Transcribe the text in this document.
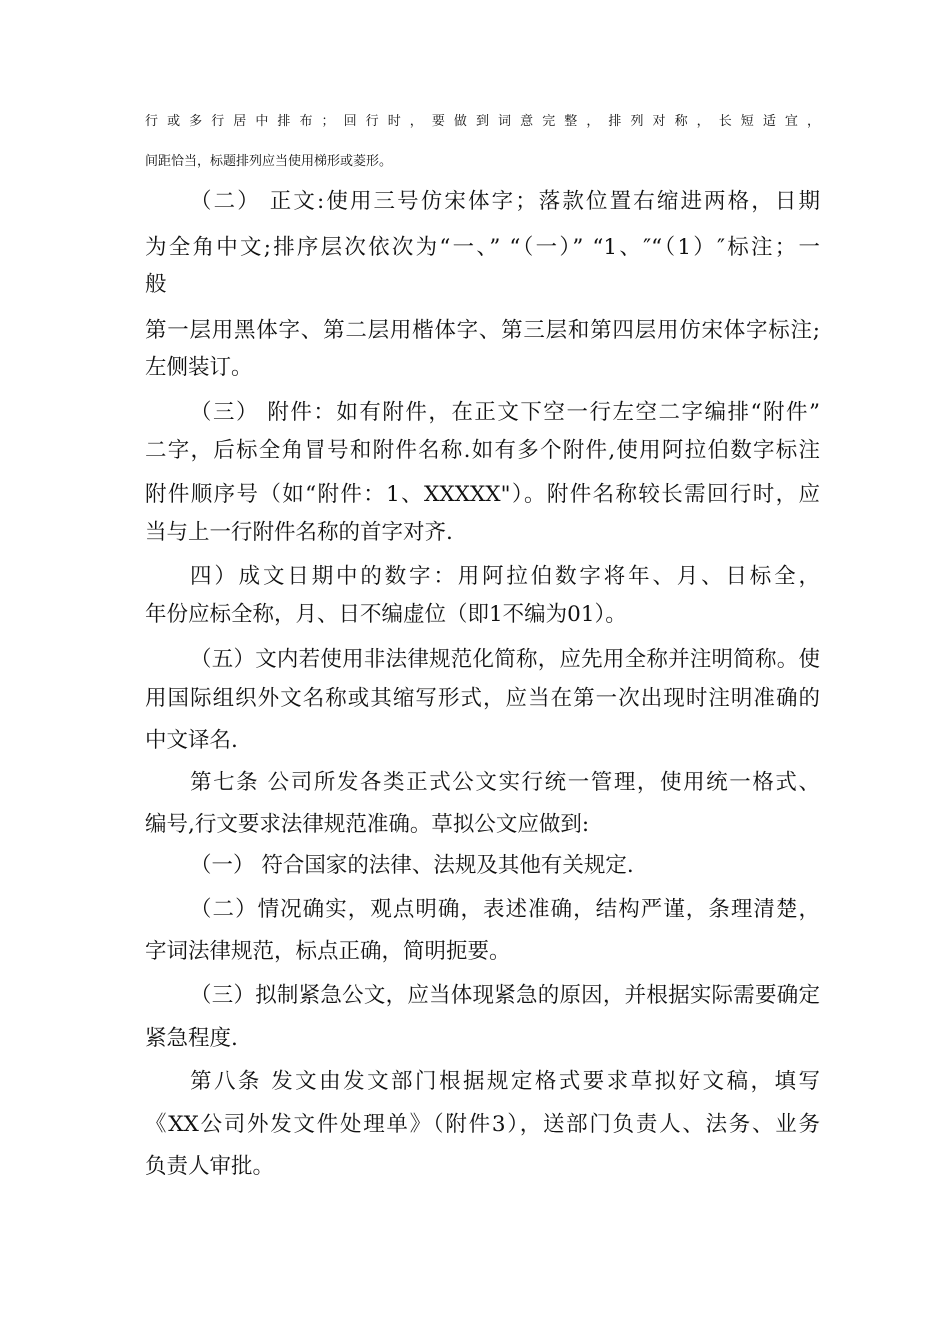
行或多行居中排布；回行时，要做到词意完整，排列对称，长短适宜，
间距恰当，标题排列应当使用梯形或菱形。
（二） 正文:使用三号仿宋体字；落款位置右缩进两格，日期
为全角中文;排序层次依次为“一、” “（一）” “1、″“（1）″标注；一
般
第一层用黑体字、第二层用楷体字、第三层和第四层用仿宋体字标注;
左侧装订。
（三） 附件：如有附件，在正文下空一行左空二字编排“附件”
二字，后标全角冒号和附件名称.如有多个附件,使用阿拉伯数字标注
附件顺序号（如“附件：1、XXXXX"）。附件名称较长需回行时，应
当与上一行附件名称的首字对齐.
四）成文日期中的数字：用阿拉伯数字将年、月、日标全，
年份应标全称，月、日不编虚位（即1不编为01）。
（五）文内若使用非法律规范化简称，应先用全称并注明简称。使
用国际组织外文名称或其缩写形式，应当在第一次出现时注明准确的
中文译名.
第七条 公司所发各类正式公文实行统一管理，使用统一格式、
编号,行文要求法律规范准确。草拟公文应做到:
（一） 符合国家的法律、法规及其他有关规定.
（二）情况确实，观点明确，表述准确，结构严谨，条理清楚，
字词法律规范，标点正确，简明扼要。
（三）拟制紧急公文，应当体现紧急的原因，并根据实际需要确定
紧急程度.
第八条 发文由发文部门根据规定格式要求草拟好文稿，填写
《XX公司外发文件处理单》（附件3），送部门负责人、法务、业务
负责人审批。
